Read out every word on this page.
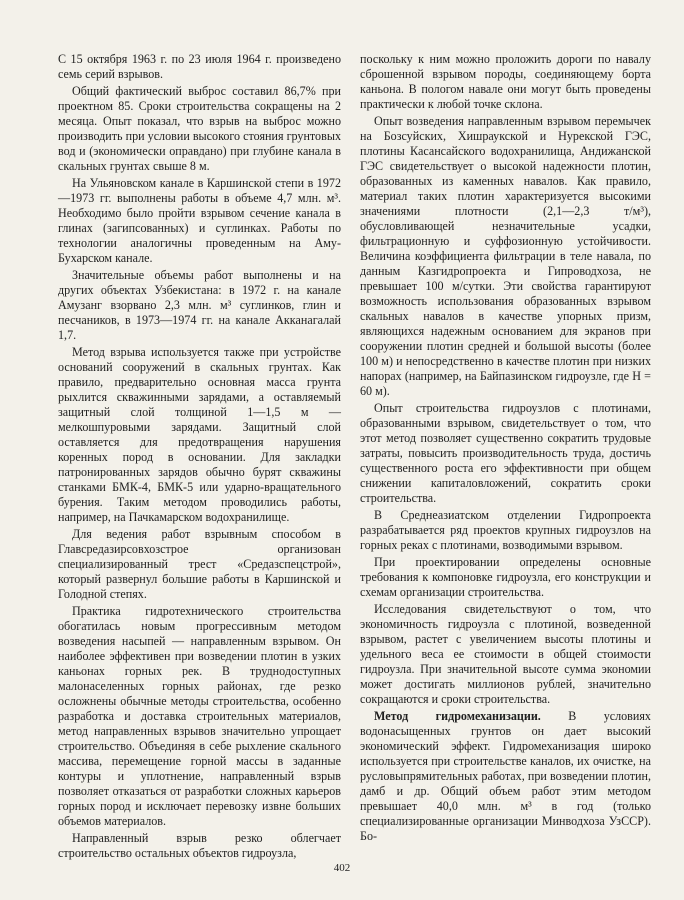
С 15 октября 1963 г. по 23 июля 1964 г. произведено семь серий взрывов.

Общий фактический выброс составил 86,7% при проектном 85. Сроки строительства сокращены на 2 месяца. Опыт показал, что взрыв на выброс можно производить при условии высокого стояния грунтовых вод и (экономически оправдано) при глубине канала в скальных грунтах свыше 8 м.

На Ульяновском канале в Каршинской степи в 1972—1973 гг. выполнены работы в объеме 4,7 млн. м³. Необходимо было пройти взрывом сечение канала в глинах (загипсованных) и суглинках. Работы по технологии аналогичны проведенным на Аму-Бухарском канале.

Значительные объемы работ выполнены и на других объектах Узбекистана: в 1972 г. на канале Амузанг взорвано 2,3 млн. м³ суглинков, глин и песчаников, в 1973—1974 гг. на канале Акканагалай 1,7.

Метод взрыва используется также при устройстве оснований сооружений в скальных грунтах. Как правило, предварительно основная масса грунта рыхлится скважинными зарядами, а оставляемый защитный слой толщиной 1—1,5 м — мелкошпуровыми зарядами. Защитный слой оставляется для предотвращения нарушения коренных пород в основании. Для закладки патронированных зарядов обычно бурят скважины станками БМК-4, БМК-5 или ударно-вращательного бурения. Таким методом проводились работы, например, на Пачкамарском водохранилище.

Для ведения работ взрывным способом в Главсредазирсовхозстрое организован специализированный трест «Средазспецстрой», который развернул большие работы в Каршинской и Голодной степях.

Практика гидротехнического строительства обогатилась новым прогрессивным методом возведения насыпей — направленным взрывом. Он наиболее эффективен при возведении плотин в узких каньонах горных рек. В труднодоступных малонаселенных горных районах, где резко осложнены обычные методы строительства, особенно разработка и доставка строительных материалов, метод направленных взрывов значительно упрощает строительство. Объединяя в себе рыхление скального массива, перемещение горной массы в заданные контуры и уплотнение, направленный взрыв позволяет отказаться от разработки сложных карьеров горных пород и исключает перевозку извне больших объемов материалов.

Направленный взрыв резко облегчает строительство остальных объектов гидроузла,

поскольку к ним можно проложить дороги по навалу сброшенной взрывом породы, соединяющему борта каньона. В пологом навале они могут быть проведены практически к любой точке склона.

Опыт возведения направленным взрывом перемычек на Бозсуйских, Хишраукской и Нурекской ГЭС, плотины Касансайского водохранилища, Андижанской ГЭС свидетельствует о высокой надежности плотин, образованных из каменных навалов. Как правило, материал таких плотин характеризуется высокими значениями плотности (2,1—2,3 т/м³), обусловливающей незначительные усадки, фильтрационную и суффозионную устойчивости. Величина коэффициента фильтрации в теле навала, по данным Казгидропроекта и Гипроводхоза, не превышает 100 м/сутки. Эти свойства гарантируют возможность использования образованных взрывом скальных навалов в качестве упорных призм, являющихся надежным основанием для экранов при сооружении плотин средней и большой высоты (более 100 м) и непосредственно в качестве плотин при низких напорах (например, на Байпазинском гидроузле, где Н = 60 м).

Опыт строительства гидроузлов с плотинами, образованными взрывом, свидетельствует о том, что этот метод позволяет существенно сократить трудовые затраты, повысить производительность труда, достичь существенного роста его эффективности при общем снижении капиталовложений, сократить сроки строительства.

В Среднеазиатском отделении Гидропроекта разрабатывается ряд проектов крупных гидроузлов на горных реках с плотинами, возводимыми взрывом.

При проектировании определены основные требования к компоновке гидроузла, его конструкции и схемам организации строительства.

Исследования свидетельствуют о том, что экономичность гидроузла с плотиной, возведенной взрывом, растет с увеличением высоты плотины и удельного веса ее стоимости в общей стоимости гидроузла. При значительной высоте сумма экономии может достигать миллионов рублей, значительно сокращаются и сроки строительства.

Метод гидромеханизации. В условиях водонасыщенных грунтов он дает высокий экономический эффект. Гидромеханизация широко используется при строительстве каналов, их очистке, на русловыпрямительных работах, при возведении плотин, дамб и др. Общий объем работ этим методом превышает 40,0 млн. м³ в год (только специализированные организации Минводхоза УзССР). Бо-

402
